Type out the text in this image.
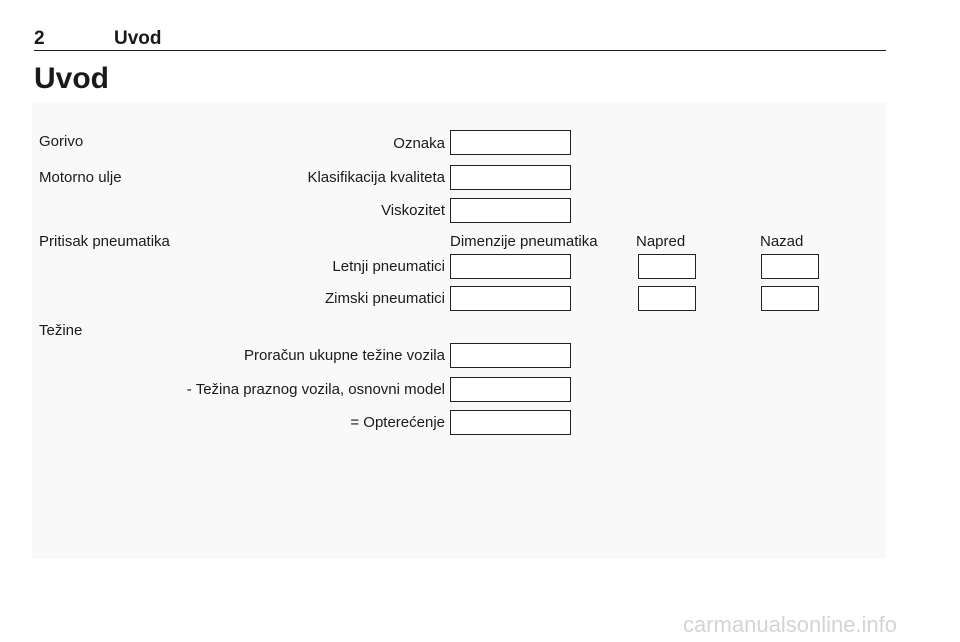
2	Uvod
Uvod
Gorivo	Oznaka
Motorno ulje	Klasifikacija kvaliteta
Viskozitet
Pritisak pneumatika	Dimenzije pneumatika	Napred	Nazad
Letnji pneumatici
Zimski pneumatici
Težine
Proračun ukupne težine vozila
- Težina praznog vozila, osnovni model
= Opterećenje
carmanualsonline.info
